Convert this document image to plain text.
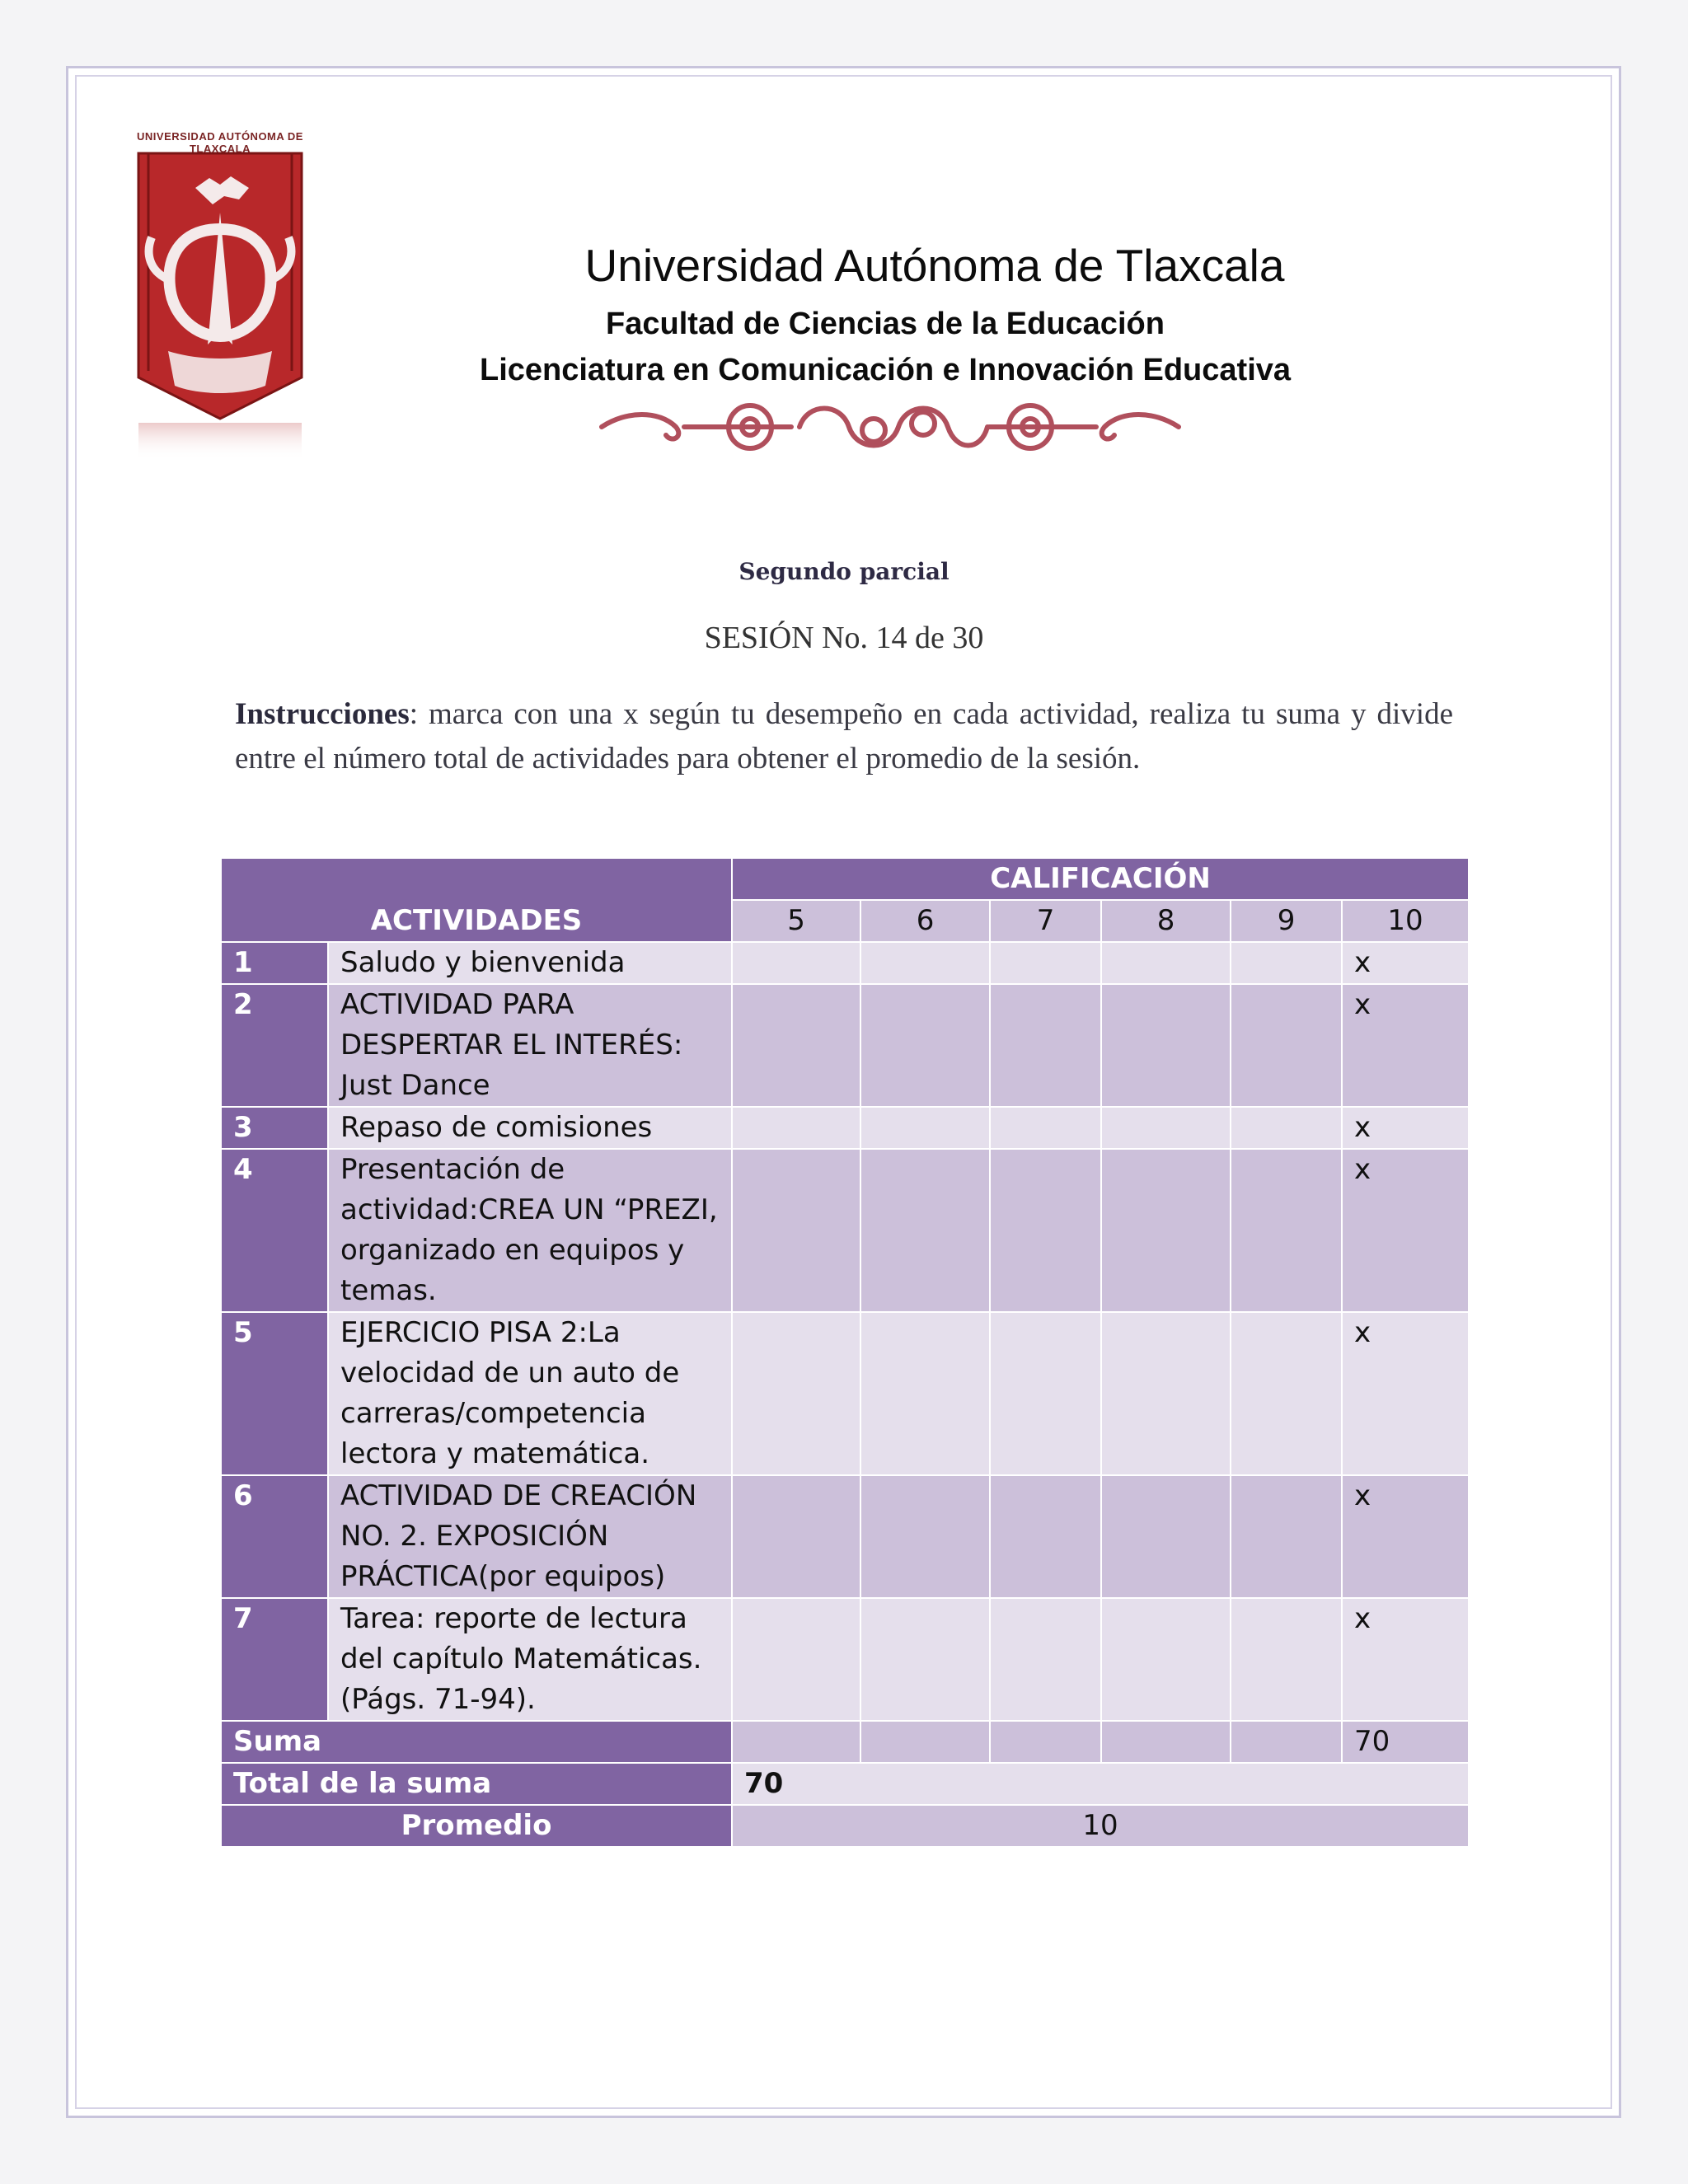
UNIVERSIDAD AUTÓNOMA DE TLAXCALA
Universidad Autónoma de Tlaxcala
Facultad de Ciencias de la Educación
Licenciatura en Comunicación e Innovación Educativa
Segundo parcial
SESIÓN No. 14 de 30
Instrucciones: marca con una x según tu desempeño en cada actividad, realiza tu suma y divide entre el número total de actividades para obtener el promedio de la sesión.
ACTIVIDADES		CALIFICACIÓN					
		5	6	7	8	9	10
1	Saludo y bienvenida						x
2	ACTIVIDAD PARA DESPERTAR EL INTERÉS: Just Dance						x
3	Repaso de comisiones						x
4	Presentación de actividad:CREA UN “PREZI, organizado en equipos y temas.						x
5	EJERCICIO PISA 2:La velocidad de un auto de carreras/competencia lectora y matemática.						x
6	ACTIVIDAD DE CREACIÓN NO. 2. EXPOSICIÓN PRÁCTICA(por equipos)						x
7	Tarea: reporte de lectura del capítulo Matemáticas. (Págs. 71-94).						x
Suma							70
Total de la suma		70					
Promedio		10					
